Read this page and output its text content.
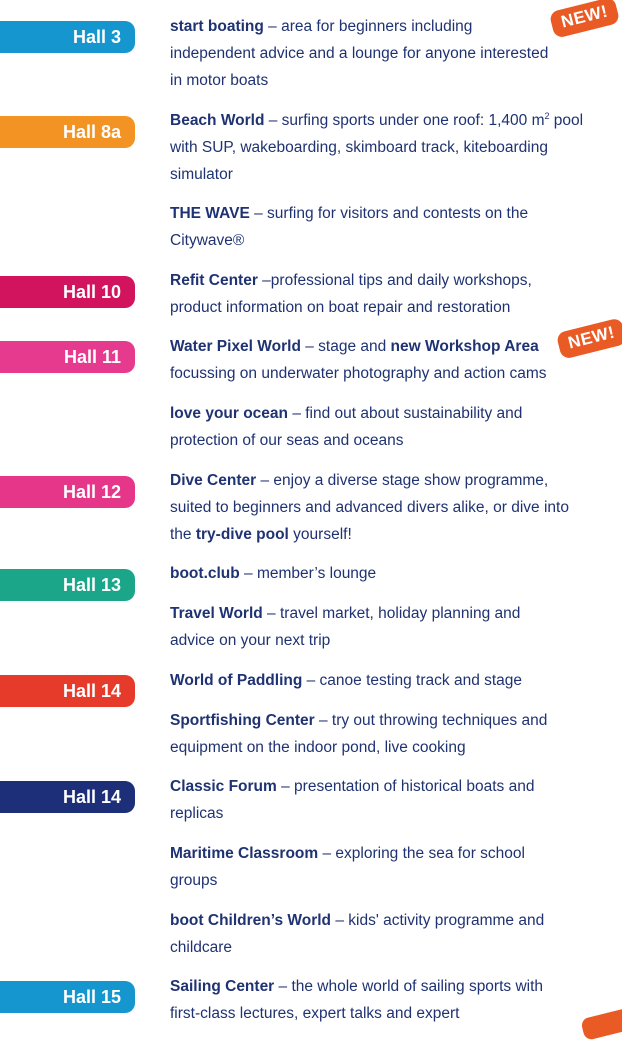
Hall 3
Hall 8a
Hall 10
Hall 11
Hall 12
Hall 13
Hall 14
Hall 14
Hall 15
NEW!
NEW!

start boating – area for beginners including independent advice and a lounge for anyone interested in motor boats

Beach World – surfing sports under one roof: 1,400 $m^2$ pool with SUP, wakeboarding, skimboard track, kiteboarding simulator

THE WAVE – surfing for visitors and contests on the Citywave®

Refit Center –professional tips and daily workshops, product information on boat repair and restoration

Water Pixel World – stage and new Workshop Area focussing on underwater photography and action cams

love your ocean – find out about sustainability and protection of our seas and oceans

Dive Center – enjoy a diverse stage show programme, suited to beginners and advanced divers alike, or dive into the try-dive pool yourself!

boot.club – member’s lounge

Travel World – travel market, holiday planning and advice on your next trip

World of Paddling – canoe testing track and stage

Sportfishing Center – try out throwing techniques and equipment on the indoor pond, live cooking

Classic Forum – presentation of historical boats and replicas

Maritime Classroom – exploring the sea for school groups

boot Children’s World – kids' activity programme and childcare

Sailing Center – the whole world of sailing sports with first-class lectures, expert talks and expert
